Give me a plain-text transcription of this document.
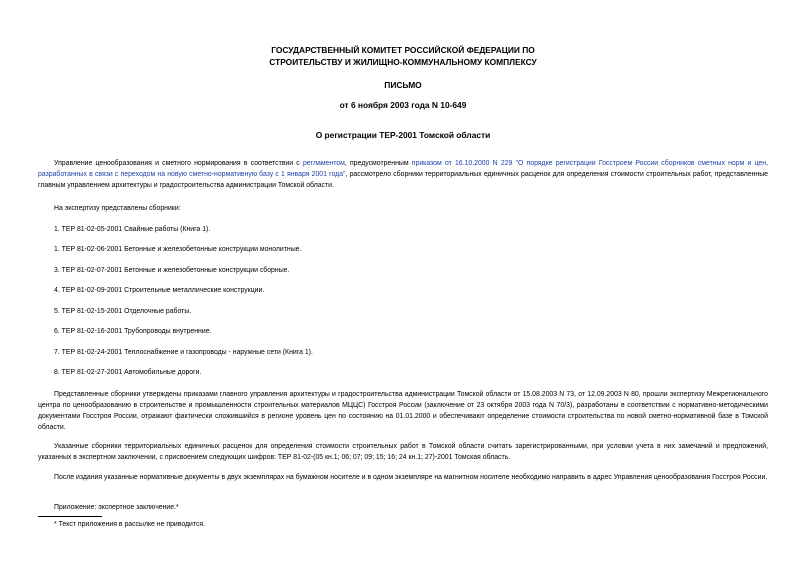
ГОСУДАРСТВЕННЫЙ КОМИТЕТ РОССИЙСКОЙ ФЕДЕРАЦИИ ПО
СТРОИТЕЛЬСТВУ И ЖИЛИЩНО-КОММУНАЛЬНОМУ КОМПЛЕКСУ
ПИСЬМО
от 6 ноября 2003 года N 10-649
О регистрации ТЕР-2001 Томской области
Управление ценообразования и сметного нормирования в соответствии с регламентом, предусмотренным приказом от 16.10.2000 N 229 "О порядке регистрации Госстроем России сборников сметных норм и цен, разработанных в связи с переходом на новую сметно-нормативную базу с 1 января 2001 года", рассмотрело сборники территориальных единичных расценок для определения стоимости строительных работ, представленные главным управлением архитектуры и градостроительства администрации Томской области.
На экспертизу представлены сборники:
1. ТЕР 81-02-05-2001 Свайные работы (Книга 1).
1. ТЕР 81-02-06-2001 Бетонные и железобетонные конструкции монолитные.
3. ТЕР 81-02-07-2001 Бетонные и железобетонные конструкции сборные.
4. ТЕР 81-02-09-2001 Строительные металлические конструкции.
5. ТЕР 81-02-15-2001 Отделочные работы.
6. ТЕР 81-02-16-2001 Трубопроводы внутренние.
7. ТЕР 81-02-24-2001 Теплоснабжение и газопроводы - наружные сети (Книга 1).
8. ТЕР 81-02-27-2001 Автомобильные дороги.
Представленные сборники утверждены приказами главного управления архитектуры и градостроительства администрации Томской области от 15.08.2003 N 73, от 12.09.2003 N 80, прошли экспертизу Межрегионального центра по ценообразованию в строительстве и промышленности строительных материалов МЦЦС) Госстроя России (заключение от 23 октября 2003 года N 70/3), разработаны в соответствии с нормативно-методическими документами Госстроя России, отражают фактически сложившийся в регионе уровень цен по состоянию на 01.01.2000 и обеспечивают определение стоимости строительства по новой сметно-нормативной базе в Томской области.
Указанные сборники территориальных единичных расценок для определения стоимости строительных работ в Томской области считать зарегистрированными, при условии учета в них замечаний и предложений, указанных в экспертном заключении, с присвоением следующих шифров: ТЕР 81-02-(05 кн.1; 06; 07; 09; 15; 16; 24 кн.1; 27)-2001 Томская область.
После издания указанные нормативные документы в двух экземплярах на бумажном носителе и в одном экземпляре на магнитном носителе необходимо направить в адрес Управления ценообразования Госстроя России.
Приложение: экспертное заключение.*
* Текст приложения в рассылке не приводится.
